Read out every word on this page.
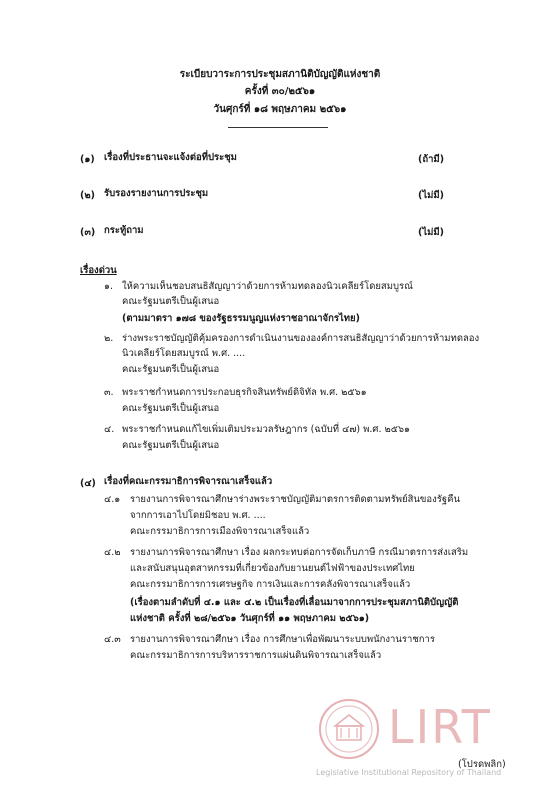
ระเบียบวาระการประชุมสภานิติบัญญัติแห่งชาติ
ครั้งที่ ๓๐/๒๕๖๑
วันศุกร์ที่ ๑๘ พฤษภาคม ๒๕๖๑
(๑) เรื่องที่ประธานจะแจ้งต่อที่ประชุม	(ถ้ามี)
(๒) รับรองรายงานการประชุม	(ไม่มี)
(๓) กระทู้ถาม	(ไม่มี)
เรื่องด่วน
๑. ให้ความเห็นชอบสนธิสัญญาว่าด้วยการห้ามทดลองนิวเคลียร์โดยสมบูรณ์
คณะรัฐมนตรีเป็นผู้เสนอ
(ตามมาตรา ๑๗๘ ของรัฐธรรมนูญแห่งราชอาณาจักรไทย)
๒. ร่างพระราชบัญญัติคุ้มครองการดำเนินงานขององค์การสนธิสัญญาว่าด้วยการห้ามทดลอง
นิวเคลียร์โดยสมบูรณ์ พ.ศ. ....
คณะรัฐมนตรีเป็นผู้เสนอ
๓. พระราชกำหนดการประกอบธุรกิจสินทรัพย์ดิจิทัล พ.ศ. ๒๕๖๑
คณะรัฐมนตรีเป็นผู้เสนอ
๔. พระราชกำหนดแก้ไขเพิ่มเติมประมวลรัษฎากร (ฉบับที่ ๔๗) พ.ศ. ๒๕๖๑
คณะรัฐมนตรีเป็นผู้เสนอ
(๔) เรื่องที่คณะกรรมาธิการพิจารณาเสร็จแล้ว
๔.๑ รายงานการพิจารณาศึกษาร่างพระราชบัญญัติมาตรการติดตามทรัพย์สินของรัฐคืน
จากการเอาไปโดยมิชอบ พ.ศ. ....
คณะกรรมาธิการการเมืองพิจารณาเสร็จแล้ว
๔.๒ รายงานการพิจารณาศึกษา เรื่อง ผลกระทบต่อการจัดเก็บภาษี กรณีมาตรการส่งเสริม
และสนับสนุนอุตสาหกรรมที่เกี่ยวข้องกับยานยนต์ไฟฟ้าของประเทศไทย
คณะกรรมาธิการการเศรษฐกิจ การเงินและการคลังพิจารณาเสร็จแล้ว
(เรื่องตามลำดับที่ ๔.๑ และ ๔.๒ เป็นเรื่องที่เลื่อนมาจากการประชุมสภานิติบัญญัติ
แห่งชาติ ครั้งที่ ๒๘/๒๕๖๑ วันศุกร์ที่ ๑๑ พฤษภาคม ๒๕๖๑)
๔.๓ รายงานการพิจารณาศึกษา เรื่อง การศึกษาเพื่อพัฒนาระบบพนักงานราชการ
คณะกรรมาธิการการบริหารราชการแผ่นดินพิจารณาเสร็จแล้ว
LIRT
Legislative Institutional Repository of Thailand
(โปรดพลิก)
